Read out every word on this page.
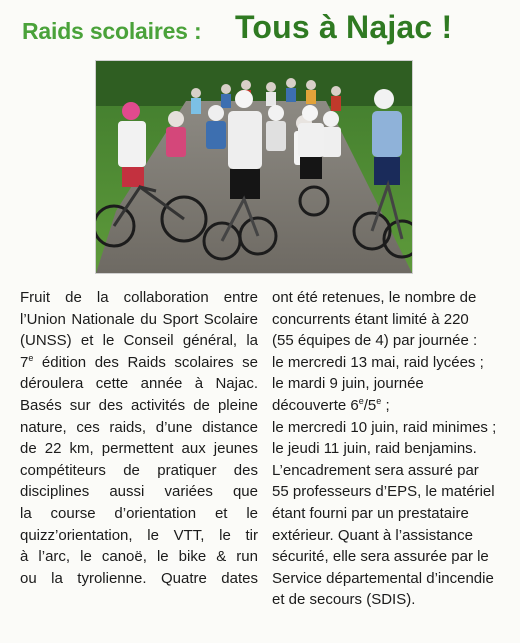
Raids scolaires : Tous à Najac !
Fruit de la collaboration entre
l’Union Nationale du Sport Scolaire
(UNSS) et le Conseil général, la
7e édition des Raids scolaires se
déroulera cette année à Najac.
Basés sur des activités de pleine
nature, ces raids, d’une distance
de 22 km, permettent aux jeunes
compétiteurs de pratiquer des
disciplines aussi variées que
la course d’orientation et le
quizz’orientation, le VTT, le tir
à l’arc, le canoë, le bike & run
ou la tyrolienne. Quatre dates
ont été retenues, le nombre de
concurrents étant limité à 220
(55 équipes de 4) par journée :
le mercredi 13 mai, raid lycées ;
le mardi 9 juin, journée
découverte 6e/5e ;
le mercredi 10 juin, raid minimes ;
le jeudi 11 juin, raid benjamins.
L’encadrement sera assuré par
55 professeurs d’EPS, le matériel
étant fourni par un prestataire
extérieur. Quant à l’assistance
sécurité, elle sera assurée par le
Service départemental d’incendie
et de secours (SDIS).
